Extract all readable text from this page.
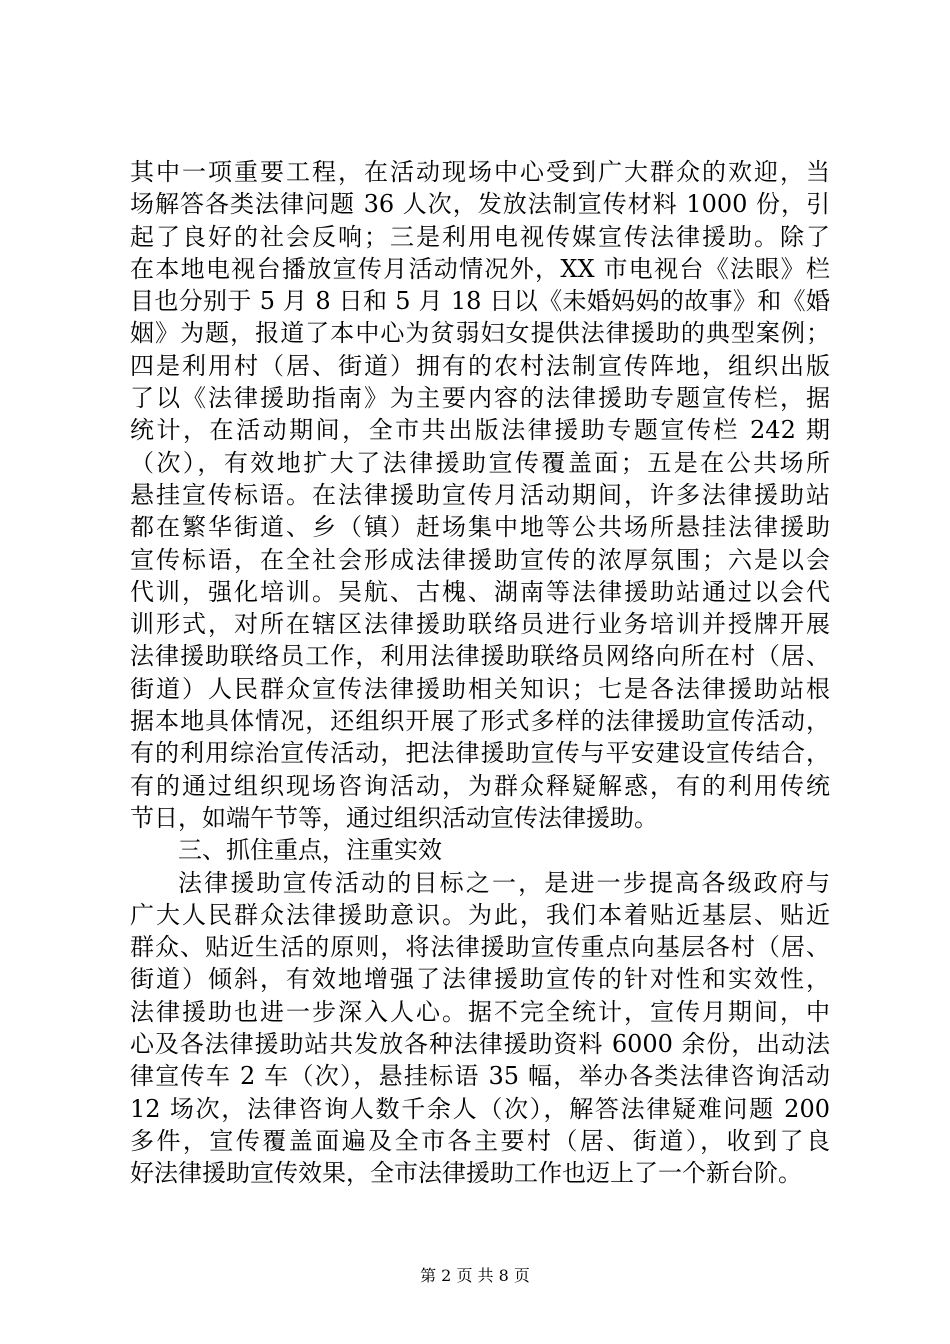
其中一项重要工程，在活动现场中心受到广大群众的欢迎，当
场解答各类法律问题 36 人次，发放法制宣传材料 1000 份，引
起了良好的社会反响；三是利用电视传媒宣传法律援助。除了
在本地电视台播放宣传月活动情况外，XX 市电视台《法眼》栏
目也分别于 5 月 8 日和 5 月 18 日以《未婚妈妈的故事》和《婚
姻》为题，报道了本中心为贫弱妇女提供法律援助的典型案例；
四是利用村（居、街道）拥有的农村法制宣传阵地，组织出版
了以《法律援助指南》为主要内容的法律援助专题宣传栏，据
统计，在活动期间，全市共出版法律援助专题宣传栏 242 期
（次），有效地扩大了法律援助宣传覆盖面；五是在公共场所
悬挂宣传标语。在法律援助宣传月活动期间，许多法律援助站
都在繁华街道、乡（镇）赶场集中地等公共场所悬挂法律援助
宣传标语，在全社会形成法律援助宣传的浓厚氛围；六是以会
代训，强化培训。吴航、古槐、湖南等法律援助站通过以会代
训形式，对所在辖区法律援助联络员进行业务培训并授牌开展
法律援助联络员工作，利用法律援助联络员网络向所在村（居、
街道）人民群众宣传法律援助相关知识；七是各法律援助站根
据本地具体情况，还组织开展了形式多样的法律援助宣传活动，
有的利用综治宣传活动，把法律援助宣传与平安建设宣传结合，
有的通过组织现场咨询活动，为群众释疑解惑，有的利用传统
节日，如端午节等，通过组织活动宣传法律援助。
三、抓住重点，注重实效
法律援助宣传活动的目标之一，是进一步提高各级政府与
广大人民群众法律援助意识。为此，我们本着贴近基层、贴近
群众、贴近生活的原则，将法律援助宣传重点向基层各村（居、
街道）倾斜，有效地增强了法律援助宣传的针对性和实效性，
法律援助也进一步深入人心。据不完全统计，宣传月期间，中
心及各法律援助站共发放各种法律援助资料 6000 余份，出动法
律宣传车 2 车（次），悬挂标语 35 幅，举办各类法律咨询活动
12 场次，法律咨询人数千余人（次），解答法律疑难问题 200
多件，宣传覆盖面遍及全市各主要村（居、街道），收到了良
好法律援助宣传效果，全市法律援助工作也迈上了一个新台阶。
第 2 页 共 8 页
